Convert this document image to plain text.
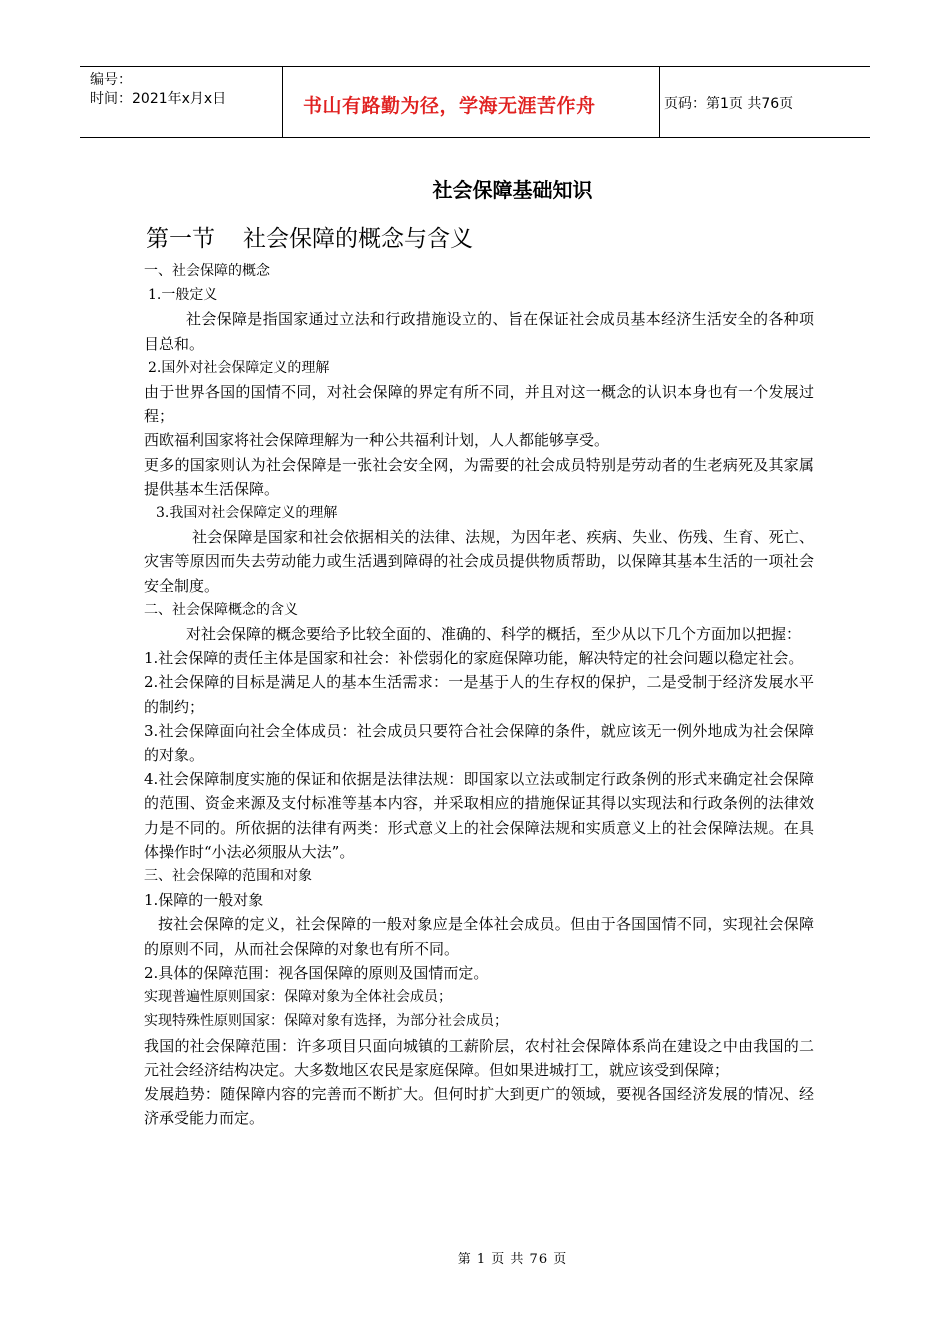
编号：
时间：2021年x月x日	书山有路勤为径，学海无涯苦作舟	页码：第1页 共76页
社会保障基础知识
第一节 社会保障的概念与含义

一、社会保障的概念

1.一般定义

社会保障是指国家通过立法和行政措施设立的、旨在保证社会成员基本经济生活安全的各种项目总和。

2.国外对社会保障定义的理解

由于世界各国的国情不同，对社会保障的界定有所不同，并且对这一概念的认识本身也有一个发展过程；

西欧福利国家将社会保障理解为一种公共福利计划，人人都能够享受。

更多的国家则认为社会保障是一张社会安全网，为需要的社会成员特别是劳动者的生老病死及其家属提供基本生活保障。

3.我国对社会保障定义的理解

社会保障是国家和社会依据相关的法律、法规，为因年老、疾病、失业、伤残、生育、死亡、灾害等原因而失去劳动能力或生活遇到障碍的社会成员提供物质帮助，以保障其基本生活的一项社会安全制度。

二、社会保障概念的含义

对社会保障的概念要给予比较全面的、准确的、科学的概括，至少从以下几个方面加以把握：

1.社会保障的责任主体是国家和社会：补偿弱化的家庭保障功能，解决特定的社会问题以稳定社会。

2.社会保障的目标是满足人的基本生活需求：一是基于人的生存权的保护，二是受制于经济发展水平的制约；

3.社会保障面向社会全体成员：社会成员只要符合社会保障的条件，就应该无一例外地成为社会保障的对象。

4.社会保障制度实施的保证和依据是法律法规：即国家以立法或制定行政条例的形式来确定社会保障的范围、资金来源及支付标准等基本内容，并采取相应的措施保证其得以实现法和行政条例的法律效力是不同的。所依据的法律有两类：形式意义上的社会保障法规和实质意义上的社会保障法规。在具体操作时“小法必须服从大法”。

三、社会保障的范围和对象

1.保障的一般对象

按社会保障的定义，社会保障的一般对象应是全体社会成员。但由于各国国情不同，实现社会保障的原则不同，从而社会保障的对象也有所不同。

2.具体的保障范围：视各国保障的原则及国情而定。

实现普遍性原则国家：保障对象为全体社会成员；

实现特殊性原则国家：保障对象有选择，为部分社会成员；

我国的社会保障范围：许多项目只面向城镇的工薪阶层，农村社会保障体系尚在建设之中由我国的二元社会经济结构决定。大多数地区农民是家庭保障。但如果进城打工，就应该受到保障；

发展趋势：随保障内容的完善而不断扩大。但何时扩大到更广的领域，要视各国经济发展的情况、经济承受能力而定。

第 1 页 共 76 页
